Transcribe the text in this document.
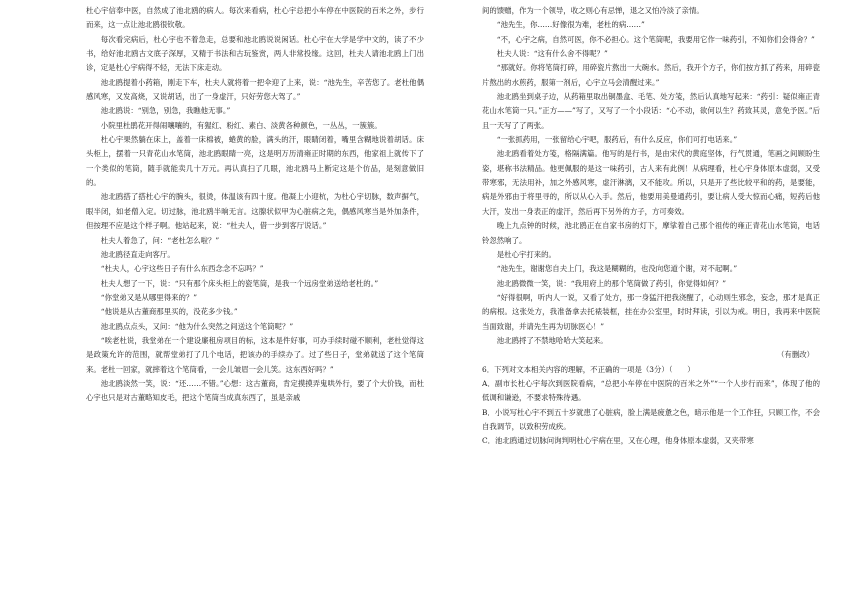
杜心宇信奉中医，自然成了池北鸥的病人。每次来看病，杜心宇总把小车停在中医院的百米之外，步行而来，这一点让池北鸥很钦敬。

每次看完病后，杜心宇也不着急走，总要和池北鸥说说闲话。杜心宇在大学是学中文的，读了不少书，给好池北鸥古文底子深厚，又精于书法和古玩鉴赏，两人非常投缘。这回，杜夫人请池北鸥上门出诊，定是杜心宇病得不轻，无法下床走动。

池北鸥提着小药箱，刚走下车，杜夫人就将着一把伞迎了上来，说：“池先生，辛苦您了。老杜他偶感风寒，又发高烧，又说胡话，出了一身虚汗，只好劳您大驾了。”

池北鸥说：“别急，别急，我瞧他无事。”

小院里杜鹃花开得闹嚷嚷的，有猩红、粉红、素白、淡黄各种颜色，一丛丛，一簇簇。

杜心宇果然躺在床上，盖着一床棉被，蜷黄的脸，满头的汗，眼睛闭着，嘴里含糊地说着胡话。床头柜上，摆着一只青花山水笔筒，池北鸥眼睛一亮，这是明万历清雍正时期的东西，他家祖上就传下了一个类似的笔筒，随手就能卖几十万元。再认真扫了几眼，池北鸥马上断定这是个仿品，是刻意做旧的。

池北鸥搭了搭杜心宇的腕头，很烫，体温该有四十度。他凝上小迎杭，为杜心宇切脉，数声摒气，眼半闭，如老僧入定。切过脉，池北鸥半晌无言。这腺状似甲为心脏病之先，偶感风寒当是外加条件，但按理不应是这个样子啊。他站起来，说：“杜夫人，借一步到客厅说话。”

杜夫人着急了，问：“老杜怎么啦？”

池北鸥径直走向客厅。

“杜夫人，心宇这些日子有什么东西念念不忘吗？”

杜夫人想了一下，说：“只有那个床头柜上的瓷笔筒，是我一个远房堂弟送给老杜的。”

“你堂弟又是从哪里得来的？”

“他说是从古董商那里买的，没花多少钱。”

池北鸥点点头，又问：“他为什么突然之间送这个笔筒呢？”

“唉老杜说，我堂弟在一个建设廉租房项目的标，这本是件好事，可办手续时碰不顺利，老杜觉得这是政策允许的范围，就帮堂弟打了几个电话，把该办的手续办了。过了些日子，堂弟就送了这个笔筒来。老杜一回家，就摔着这个笔筒看，一会儿皱眉一会儿笑。这东西好吗？”

池北鸥淡然一笑，说：“还……不错。”心想：这古董商，肯定摸摸弄鬼哄外行，要了个大价钱，而杜心宇也只是对古董略知皮毛，把这个笔筒当成真东西了，虽是亲戚

间的馈赠，作为一个领导，收之则心有忌惮，退之又怕冷淡了亲情。

“池先生，你……好像很为难，老杜的病……”

“不，心宇之病，自然可医，你不必担心。这个笔筒呢，我要用它作一味药引，不知你们会得舍？”

杜夫人说：“这有什么舍不得呢？”

“那就好。你将笔筒打碎，用碎瓷片熬出一大碗水。然后，我开个方子，你们按方抓了药来，用碎瓷片熬出的水煎药，服第一剂后，心宇立马会清醒过来。”

池北鸥坐到桌子边，从药箱里取出铜墨盒、毛笔、处方笺，然后认真地写起来：“药引：疑似雍正青花山水笔筒一只。”正方——”写了，又写了一个小段话：“心不动，欲何以生？药致其灵，意免予医。”后且一天写了了两张。

“一张抓药用，一张留给心宇吧，服药后，有什么反应，你们可打电话来。”

池北鸥看着处方笺，格隔满篇。他写的是行书，是由宋代的黄庭坚体，行气贯通，笔画之间顾盼生姿，堪称书法精品。他更佩服的是这一味药引，古人来有此例！从病理看，杜心宇身体原本虚弱，又受带寒邪，无法用补，加之外感风寒，虚汗淋漓，又不能攻。所以，只是开了些比较平和的药，是要能，病是外邪由于将里寻的，所以从心入手。然后，他要用美曼通药引，要让病人受大惊而心痛，短药后他大汗，发出一身表正的虚汗，然后再下另外的方子，方可奏效。

晚上九点钟的时候，池北鸥正在自家书房的灯下，摩挲着自己那个祖传的雍正青花山水笔筒，电话铃忽然响了。

是杜心宇打来的。

“池先生，谢谢您自夫上门，我这是糊糊的，也没向您道个谢，对不起啊。”

池北鸥微微一笑，说：“我用府上的那个笔筒做了药引，你觉得如何？”

“好得很啊，听内人一说，又看了处方，那一身猛汗把我浇醒了，心动则生邪念，妄念，那才是真正的病根。这张处方，我准备拿去托裱装框，挂在办公室里，时时拜读，引以为戒。明日，我再来中医院当面致谢，并请先生再为切脉医心！”

池北鸥捋了不禁地哈哈大笑起来。

（有删改）

6．下列对文本相关内容的理解，不正确的一项是（3分）（　　）

A．副市长杜心宇每次到医院看病，“总把小车停在中医院的百米之外”“一个人步行而来”，体现了他的低调和谦逊，不要求特殊待遇。

B．小说写杜心宇不到五十岁就患了心脏病，脸上满是疲惫之色，暗示他是一个工作狂，只顾工作，不会自我调节，以致积劳成疾。

C．池北鸥通过切脉问询判明杜心宇病在里，又在心理，他身体原本虚弱，又夹带寒
